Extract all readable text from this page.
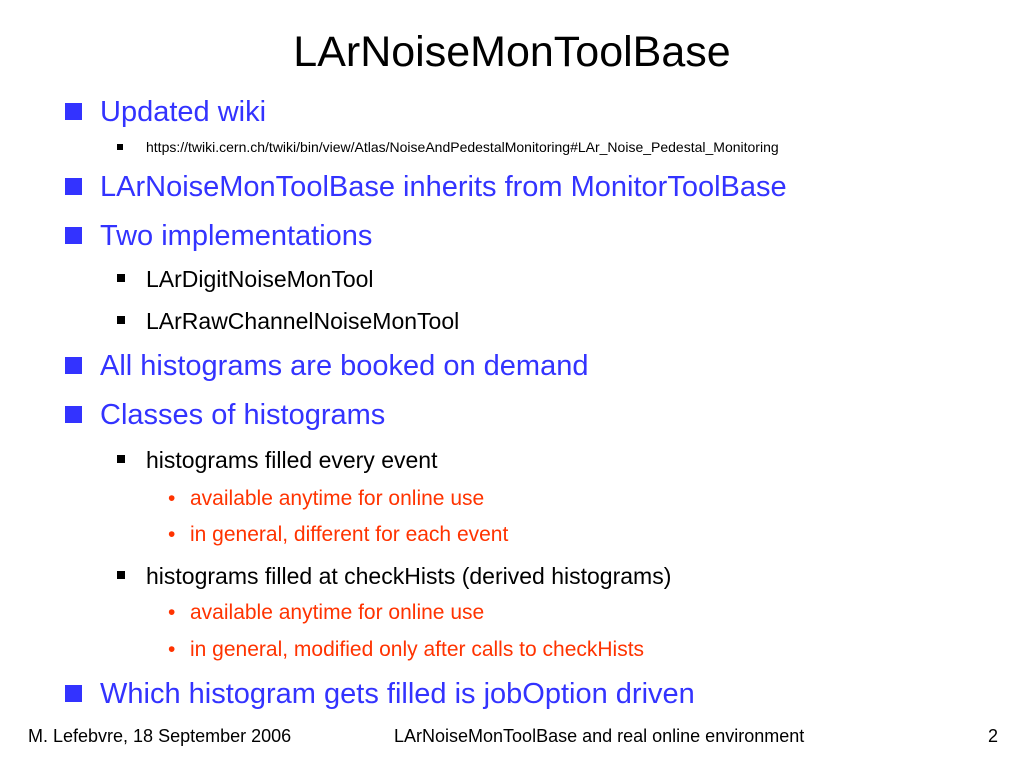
LArNoiseMonToolBase
Updated wiki
https://twiki.cern.ch/twiki/bin/view/Atlas/NoiseAndPedestalMonitoring#LAr_Noise_Pedestal_Monitoring
LArNoiseMonToolBase inherits from MonitorToolBase
Two implementations
LArDigitNoiseMonTool
LArRawChannelNoiseMonTool
All histograms are booked on demand
Classes of histograms
histograms filled every event
• available anytime for online use
• in general, different for each event
histograms filled at checkHists (derived histograms)
• available anytime for online use
• in general, modified only after calls to checkHists
Which histogram gets filled is jobOption driven
M. Lefebvre, 18 September 2006	LArNoiseMonToolBase and real online environment	2
